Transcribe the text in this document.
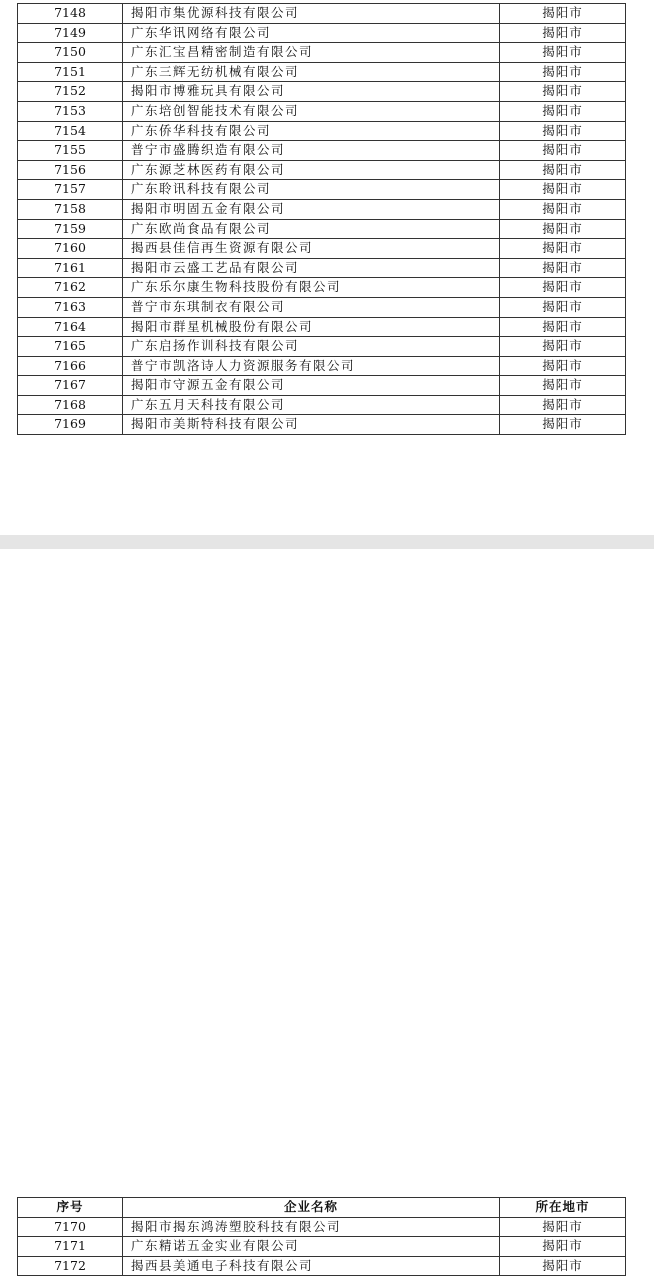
7148	揭阳市集优源科技有限公司	揭阳市
7149	广东华讯网络有限公司	揭阳市
7150	广东汇宝昌精密制造有限公司	揭阳市
7151	广东三辉无纺机械有限公司	揭阳市
7152	揭阳市博雅玩具有限公司	揭阳市
7153	广东培创智能技术有限公司	揭阳市
7154	广东侨华科技有限公司	揭阳市
7155	普宁市盛腾织造有限公司	揭阳市
7156	广东源芝林医药有限公司	揭阳市
7157	广东聆讯科技有限公司	揭阳市
7158	揭阳市明固五金有限公司	揭阳市
7159	广东欧尚食品有限公司	揭阳市
7160	揭西县佳信再生资源有限公司	揭阳市
7161	揭阳市云盛工艺品有限公司	揭阳市
7162	广东乐尔康生物科技股份有限公司	揭阳市
7163	普宁市东琪制衣有限公司	揭阳市
7164	揭阳市群星机械股份有限公司	揭阳市
7165	广东启扬作训科技有限公司	揭阳市
7166	普宁市凯洛诗人力资源服务有限公司	揭阳市
7167	揭阳市守源五金有限公司	揭阳市
7168	广东五月天科技有限公司	揭阳市
7169	揭阳市美斯特科技有限公司	揭阳市
序号	企业名称	所在地市
7170	揭阳市揭东鸿涛塑胶科技有限公司	揭阳市
7171	广东精诺五金实业有限公司	揭阳市
7172	揭西县美通电子科技有限公司	揭阳市
